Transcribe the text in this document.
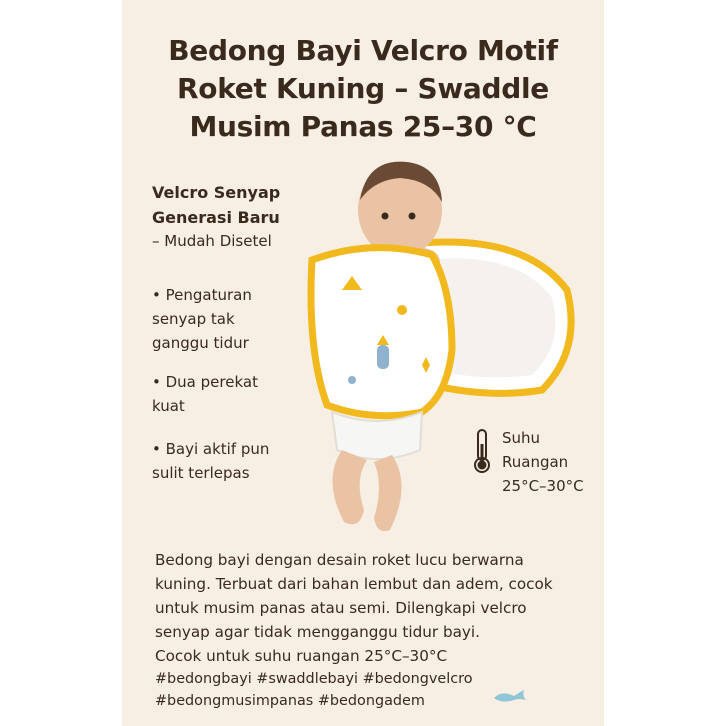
Bedong Bayi Velcro Motif
Roket Kuning – Swaddle
Musim Panas 25–30 °C
Velcro Senyap
Generasi Baru
– Mudah Disetel
• Pengaturan
senyap tak
ganggu tidur
• Dua perekat
kuat
• Bayi aktif pun
sulit terlepas
Suhu
Ruangan
25°C–30°C
Bedong bayi dengan desain roket lucu berwarna
kuning. Terbuat dari bahan lembut dan adem, cocok
untuk musim panas atau semi. Dilengkapi velcro
senyap agar tidak mengganggu tidur bayi.
Cocok untuk suhu ruangan 25°C–30°C
#bedongbayi #swaddlebayi #bedongvelcro
#bedongmusimpanas #bedongadem
